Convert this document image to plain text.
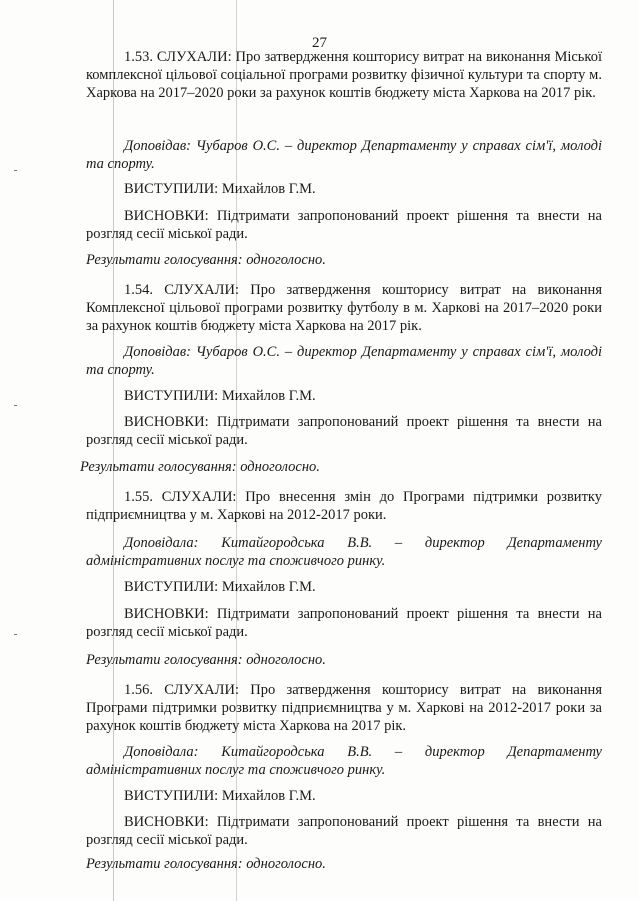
27
1.53. СЛУХАЛИ: Про затвердження кошторису витрат на виконання Міської комплексної цільової соціальної програми розвитку фізичної культури та спорту м. Харкова на 2017–2020 роки за рахунок коштів бюджету міста Харкова на 2017 рік.
Доповідав: Чубаров О.С. – директор Департаменту у справах сім'ї, молоді та спорту.
ВИСТУПИЛИ: Михайлов Г.М.
ВИСНОВКИ: Підтримати запропонований проект рішення та внести на розгляд сесії міської ради.
Результати голосування: одноголосно.
1.54. СЛУХАЛИ: Про затвердження кошторису витрат на виконання Комплексної цільової програми розвитку футболу в м. Харкові на 2017–2020 роки за рахунок коштів бюджету міста Харкова на 2017 рік.
Доповідав: Чубаров О.С. – директор Департаменту у справах сім'ї, молоді та спорту.
ВИСТУПИЛИ: Михайлов Г.М.
ВИСНОВКИ: Підтримати запропонований проект рішення та внести на розгляд сесії міської ради.
Результати голосування: одноголосно.
1.55. СЛУХАЛИ: Про внесення змін до Програми підтримки розвитку підприємництва у м. Харкові на 2012-2017 роки.
Доповідала: Китайгородська В.В. – директор Департаменту адміністративних послуг та споживчого ринку.
ВИСТУПИЛИ: Михайлов Г.М.
ВИСНОВКИ: Підтримати запропонований проект рішення та внести на розгляд сесії міської ради.
Результати голосування: одноголосно.
1.56. СЛУХАЛИ: Про затвердження кошторису витрат на виконання Програми підтримки розвитку підприємництва у м. Харкові на 2012-2017 роки за рахунок коштів бюджету міста Харкова на 2017 рік.
Доповідала: Китайгородська В.В. – директор Департаменту адміністративних послуг та споживчого ринку.
ВИСТУПИЛИ: Михайлов Г.М.
ВИСНОВКИ: Підтримати запропонований проект рішення та внести на розгляд сесії міської ради.
Результати голосування: одноголосно.
